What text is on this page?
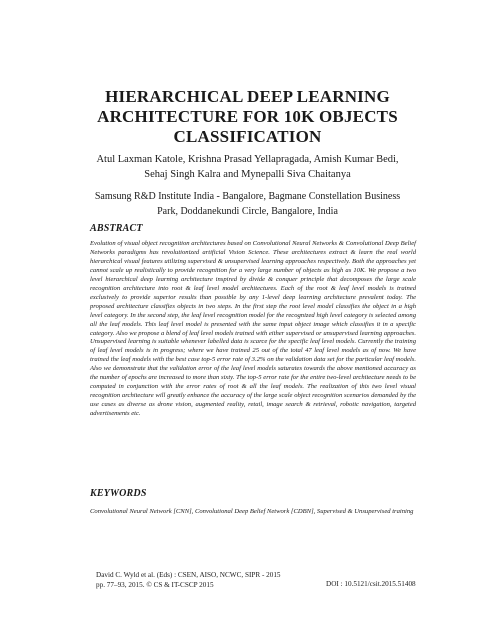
HIERARCHICAL DEEP LEARNING
ARCHITECTURE FOR 10K OBJECTS
CLASSIFICATION
Atul Laxman Katole, Krishna Prasad Yellapragada, Amish Kumar Bedi,
Sehaj Singh Kalra and Mynepalli Siva Chaitanya
Samsung R&D Institute India - Bangalore, Bagmane Constellation Business
Park, Doddanekundi Circle, Bangalore, India
ABSTRACT
Evolution of visual object recognition architectures based on Convolutional Neural Networks & Convolutional Deep Belief Networks paradigms has revolutionized artificial Vision Science. These architectures extract & learn the real world hierarchical visual features utilizing supervised & unsupervised learning approaches respectively. Both the approaches yet cannot scale up realistically to provide recognition for a very large number of objects as high as 10K. We propose a two level hierarchical deep learning architecture inspired by divide & conquer principle that decomposes the large scale recognition architecture into root & leaf level model architectures. Each of the root & leaf level models is trained exclusively to provide superior results than possible by any 1-level deep learning architecture prevalent today. The proposed architecture classifies objects in two steps. In the first step the root level model classifies the object in a high level category. In the second step, the leaf level recognition model for the recognized high level category is selected among all the leaf models. This leaf level model is presented with the same input object image which classifies it in a specific category. Also we propose a blend of leaf level models trained with either supervised or unsupervised learning approaches. Unsupervised learning is suitable whenever labelled data is scarce for the specific leaf level models. Currently the training of leaf level models is in progress; where we have trained 25 out of the total 47 leaf level models as of now. We have trained the leaf models with the best case top-5 error rate of 3.2% on the validation data set for the particular leaf models. Also we demonstrate that the validation error of the leaf level models saturates towards the above mentioned accuracy as the number of epochs are increased to more than sixty. The top-5 error rate for the entire two-level architecture needs to be computed in conjunction with the error rates of root & all the leaf models. The realization of this two level visual recognition architecture will greatly enhance the accuracy of the large scale object recognition scenarios demanded by the use cases as diverse as drone vision, augmented reality, retail, image search & retrieval, robotic navigation, targeted advertisements etc.
KEYWORDS
Convolutional Neural Network [CNN], Convolutional Deep Belief Network [CDBN], Supervised & Unsupervised training
David C. Wyld et al. (Eds) : CSEN, AISO, NCWC, SIPR - 2015
pp. 77–93, 2015. © CS & IT-CSCP 2015	DOI : 10.5121/csit.2015.51408
